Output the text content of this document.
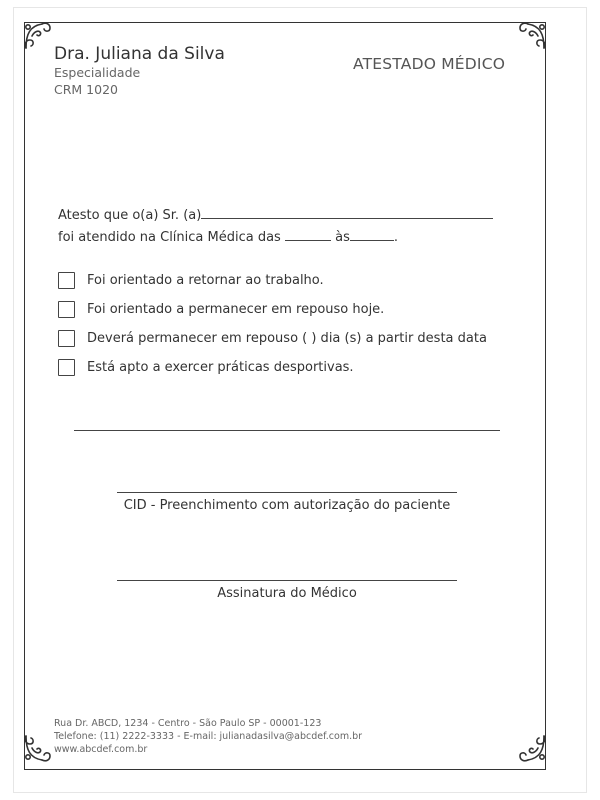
Dra. Juliana da Silva
Especialidade
CRM 1020
ATESTADO MÉDICO
Atesto que o(a) Sr. (a)
foi atendido na Clínica Médica das	às	.
Foi orientado a retornar ao trabalho.
Foi orientado a permanecer em repouso hoje.
Deverá permanecer em repouso ( ) dia (s) a partir desta data
Está apto a exercer práticas desportivas.
CID - Preenchimento com autorização do paciente
Assinatura do Médico
Rua Dr. ABCD, 1234 - Centro - São Paulo SP - 00001-123
Telefone: (11) 2222-3333 - E-mail: julianadasilva@abcdef.com.br
www.abcdef.com.br
